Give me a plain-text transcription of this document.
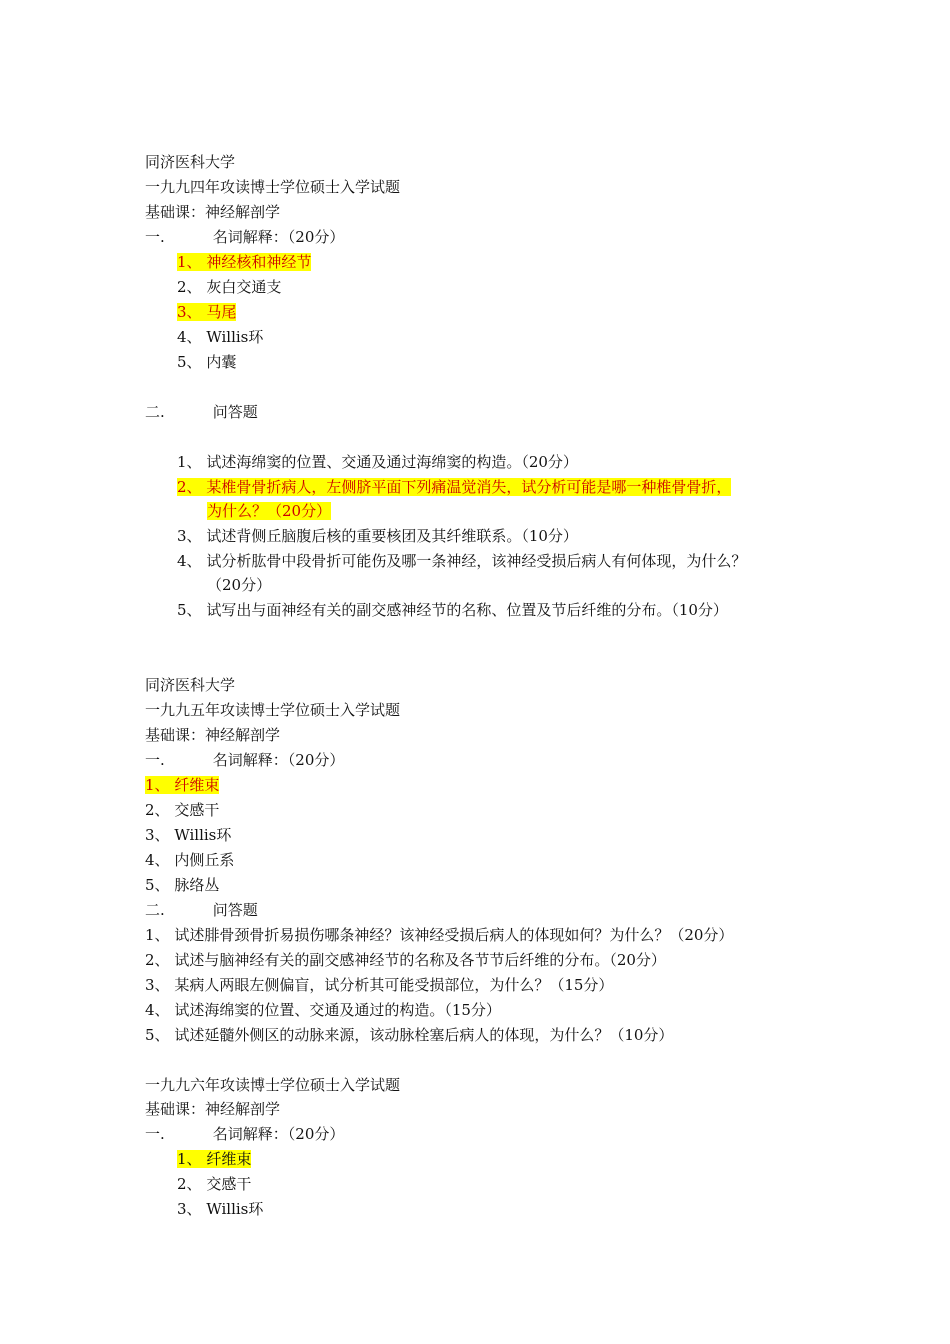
同济医科大学
一九九四年攻读博士学位硕士入学试题
基础课：神经解剖学
一.	名词解释：（20分）
1、 神经核和神经节
2、 灰白交通支
3、 马尾
4、 Willis环
5、 内囊
二.	问答题
1、 试述海绵窦的位置、交通及通过海绵窦的构造。（20分）
2、 某椎骨骨折病人，左侧脐平面下列痛温觉消失，试分析可能是哪一种椎骨骨折，
为什么？（20分）
3、 试述背侧丘脑腹后核的重要核团及其纤维联系。（10分）
4、 试分析肱骨中段骨折可能伤及哪一条神经，该神经受损后病人有何体现，为什么？
（20分）
5、 试写出与面神经有关的副交感神经节的名称、位置及节后纤维的分布。（10分）
同济医科大学
一九九五年攻读博士学位硕士入学试题
基础课：神经解剖学
一.	名词解释：（20分）
1、 纤维束
2、 交感干
3、 Willis环
4、 内侧丘系
5、 脉络丛
二.	问答题
1、 试述腓骨颈骨折易损伤哪条神经？该神经受损后病人的体现如何？为什么？（20分）
2、 试述与脑神经有关的副交感神经节的名称及各节节后纤维的分布。（20分）
3、 某病人两眼左侧偏盲，试分析其可能受损部位，为什么？（15分）
4、 试述海绵窦的位置、交通及通过的构造。（15分）
5、 试述延髓外侧区的动脉来源，该动脉栓塞后病人的体现，为什么？（10分）
一九九六年攻读博士学位硕士入学试题
基础课：神经解剖学
一.	名词解释：（20分）
1、 纤维束
2、 交感干
3、 Willis环
